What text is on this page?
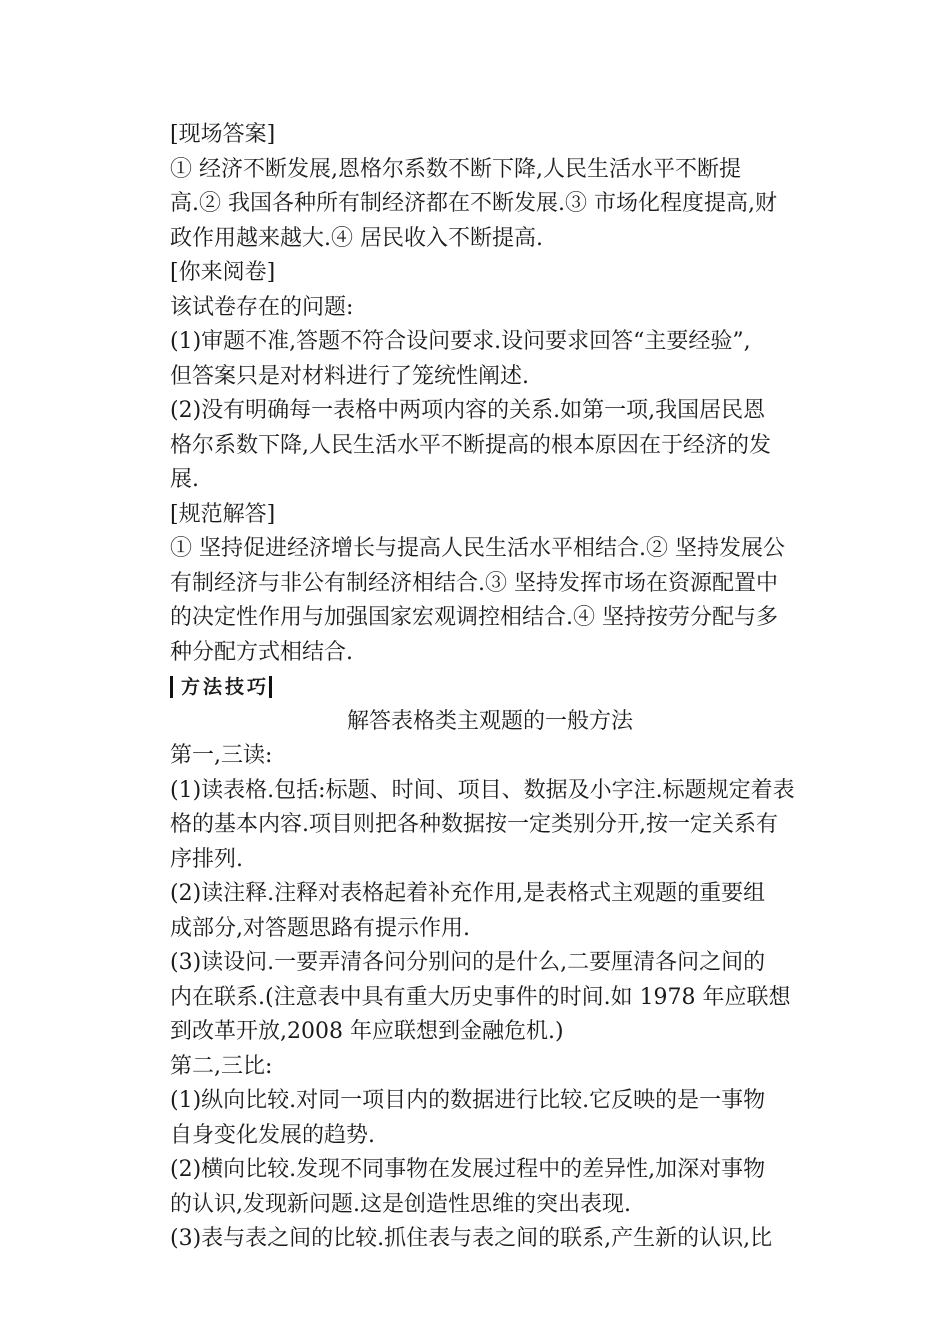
[现场答案]
① 经济不断发展,恩格尔系数不断下降,人民生活水平不断提
高.② 我国各种所有制经济都在不断发展.③ 市场化程度提高,财
政作用越来越大.④ 居民收入不断提高.
[你来阅卷]
该试卷存在的问题:
(1)审题不准,答题不符合设问要求.设问要求回答“主要经验”,
但答案只是对材料进行了笼统性阐述.
(2)没有明确每一表格中两项内容的关系.如第一项,我国居民恩
格尔系数下降,人民生活水平不断提高的根本原因在于经济的发
展.
[规范解答]
① 坚持促进经济增长与提高人民生活水平相结合.② 坚持发展公
有制经济与非公有制经济相结合.③ 坚持发挥市场在资源配置中
的决定性作用与加强国家宏观调控相结合.④ 坚持按劳分配与多
种分配方式相结合.
方法技巧
解答表格类主观题的一般方法
第一,三读:
(1)读表格.包括:标题、时间、项目、数据及小字注.标题规定着表
格的基本内容.项目则把各种数据按一定类别分开,按一定关系有
序排列.
(2)读注释.注释对表格起着补充作用,是表格式主观题的重要组
成部分,对答题思路有提示作用.
(3)读设问.一要弄清各问分别问的是什么,二要厘清各问之间的
内在联系.(注意表中具有重大历史事件的时间.如 1978 年应联想
到改革开放,2008 年应联想到金融危机.)
第二,三比:
(1)纵向比较.对同一项目内的数据进行比较.它反映的是一事物
自身变化发展的趋势.
(2)横向比较.发现不同事物在发展过程中的差异性,加深对事物
的认识,发现新问题.这是创造性思维的突出表现.
(3)表与表之间的比较.抓住表与表之间的联系,产生新的认识,比
